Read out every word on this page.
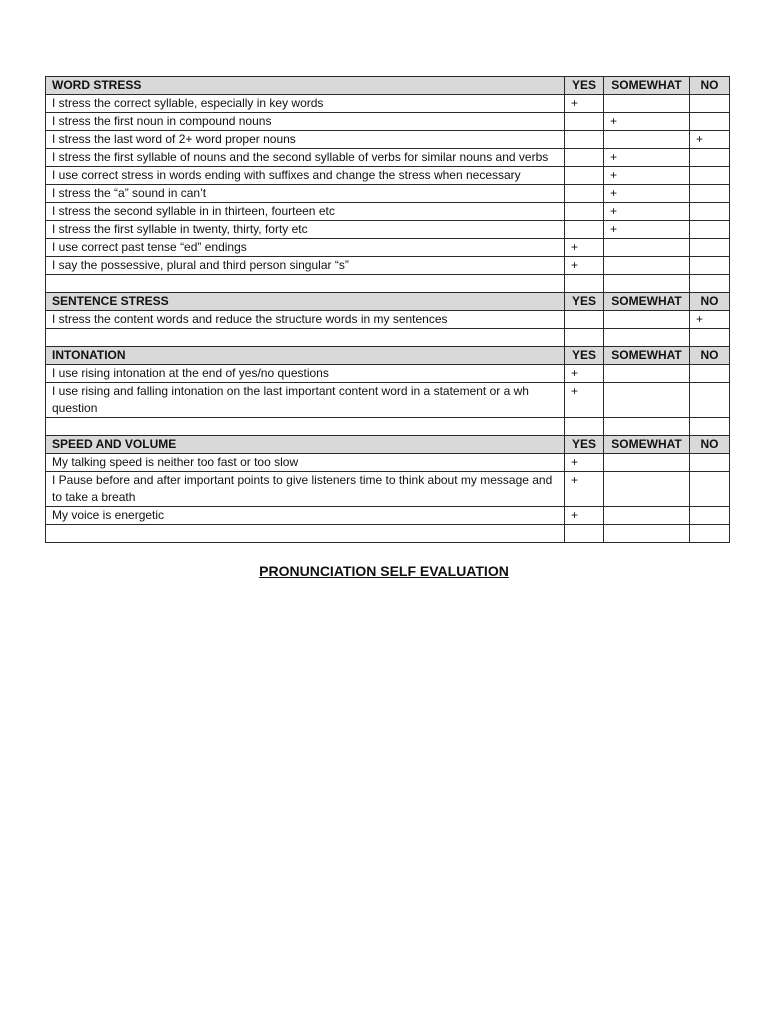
WORD STRESS	YES	SOMEWHAT	NO
I stress the correct syllable, especially in key words	+		
I stress the first noun in compound nouns		+	
I stress the last word of 2+ word proper nouns			+
I stress the first syllable of nouns and the second syllable of verbs for similar nouns and verbs		+	
I use correct stress in words ending with suffixes and change the stress when necessary		+	
I stress the “a” sound in can’t		+	
I stress the second syllable in in thirteen, fourteen etc		+	
I stress the first syllable in twenty, thirty, forty etc		+	
I use correct past tense “ed” endings	+		
I say the possessive, plural and third person singular “s”	+		

SENTENCE STRESS	YES	SOMEWHAT	NO
I stress the content words and reduce the structure words in my sentences			+

INTONATION	YES	SOMEWHAT	NO
I use rising intonation at the end of yes/no questions	+		
I use rising and falling intonation on the last important content word in a statement or a wh question	+		

SPEED AND VOLUME	YES	SOMEWHAT	NO
My talking speed is neither too fast or too slow	+		
I Pause before and after important points to give listeners time to think about my message and to take a breath	+		
My voice is energetic	+		

PRONUNCIATION SELF EVALUATION
